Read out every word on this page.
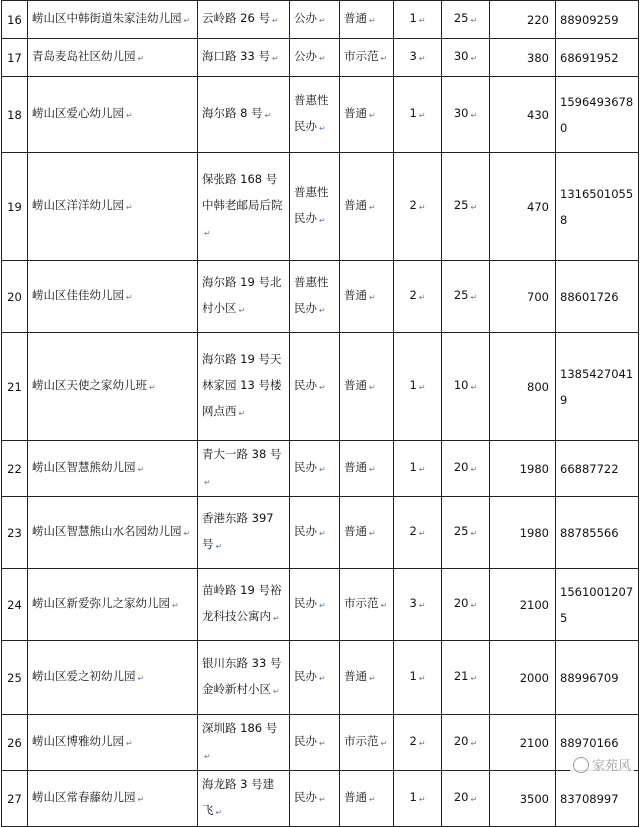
16	崂山区中韩街道朱家洼幼儿园 ↵	云岭路 26 号 ↵	公办 ↵	普通 ↵	1 ↵	25 ↵	220	88909259
17	青岛麦岛社区幼儿园 ↵	海口路 33 号 ↵	公办 ↵	市示范 ↵	3 ↵	30 ↵	380	68691952
18	崂山区爱心幼儿园 ↵	海尔路 8 号 ↵	普惠性民办 ↵	普通 ↵	1 ↵	30 ↵	430	15964936780
19	崂山区洋洋幼儿园 ↵	保张路 168 号中韩老邮局后院↵	普惠性民办 ↵	普通 ↵	2 ↵	25 ↵	470	13165010558
20	崂山区佳佳幼儿园 ↵	海尔路 19 号北村小区 ↵	普惠性民办 ↵	普通 ↵	2 ↵	25 ↵	700	88601726
21	崂山区天使之家幼儿班 ↵	海尔路 19 号天林家园 13 号楼网点西 ↵	民办 ↵	普通 ↵	1 ↵	10 ↵	800	13854270419
22	崂山区智慧熊幼儿园 ↵	青大一路 38 号↵	民办 ↵	普通 ↵	1 ↵	20 ↵	1980	66887722
23	崂山区智慧熊山水名园幼儿园 ↵	香港东路 397 号 ↵	民办 ↵	普通 ↵	2 ↵	25 ↵	1980	88785566
24	崂山区新爱弥儿之家幼儿园 ↵	苗岭路 19 号裕龙科技公寓内 ↵	民办 ↵	市示范 ↵	3 ↵	20 ↵	2100	15610012075
25	崂山区爱之初幼儿园 ↵	银川东路 33 号金岭新村小区 ↵	民办 ↵	普通 ↵	1 ↵	21 ↵	2000	88996709
26	崂山区博雅幼儿园 ↵	深圳路 186 号↵	民办 ↵	市示范 ↵	2 ↵	20 ↵	2100	88970166
27	崂山区常春藤幼儿园 ↵	海龙路 3 号建飞 ↵	民办 ↵	普通 ↵	1 ↵	20 ↵	3500	83708997
家苑风
